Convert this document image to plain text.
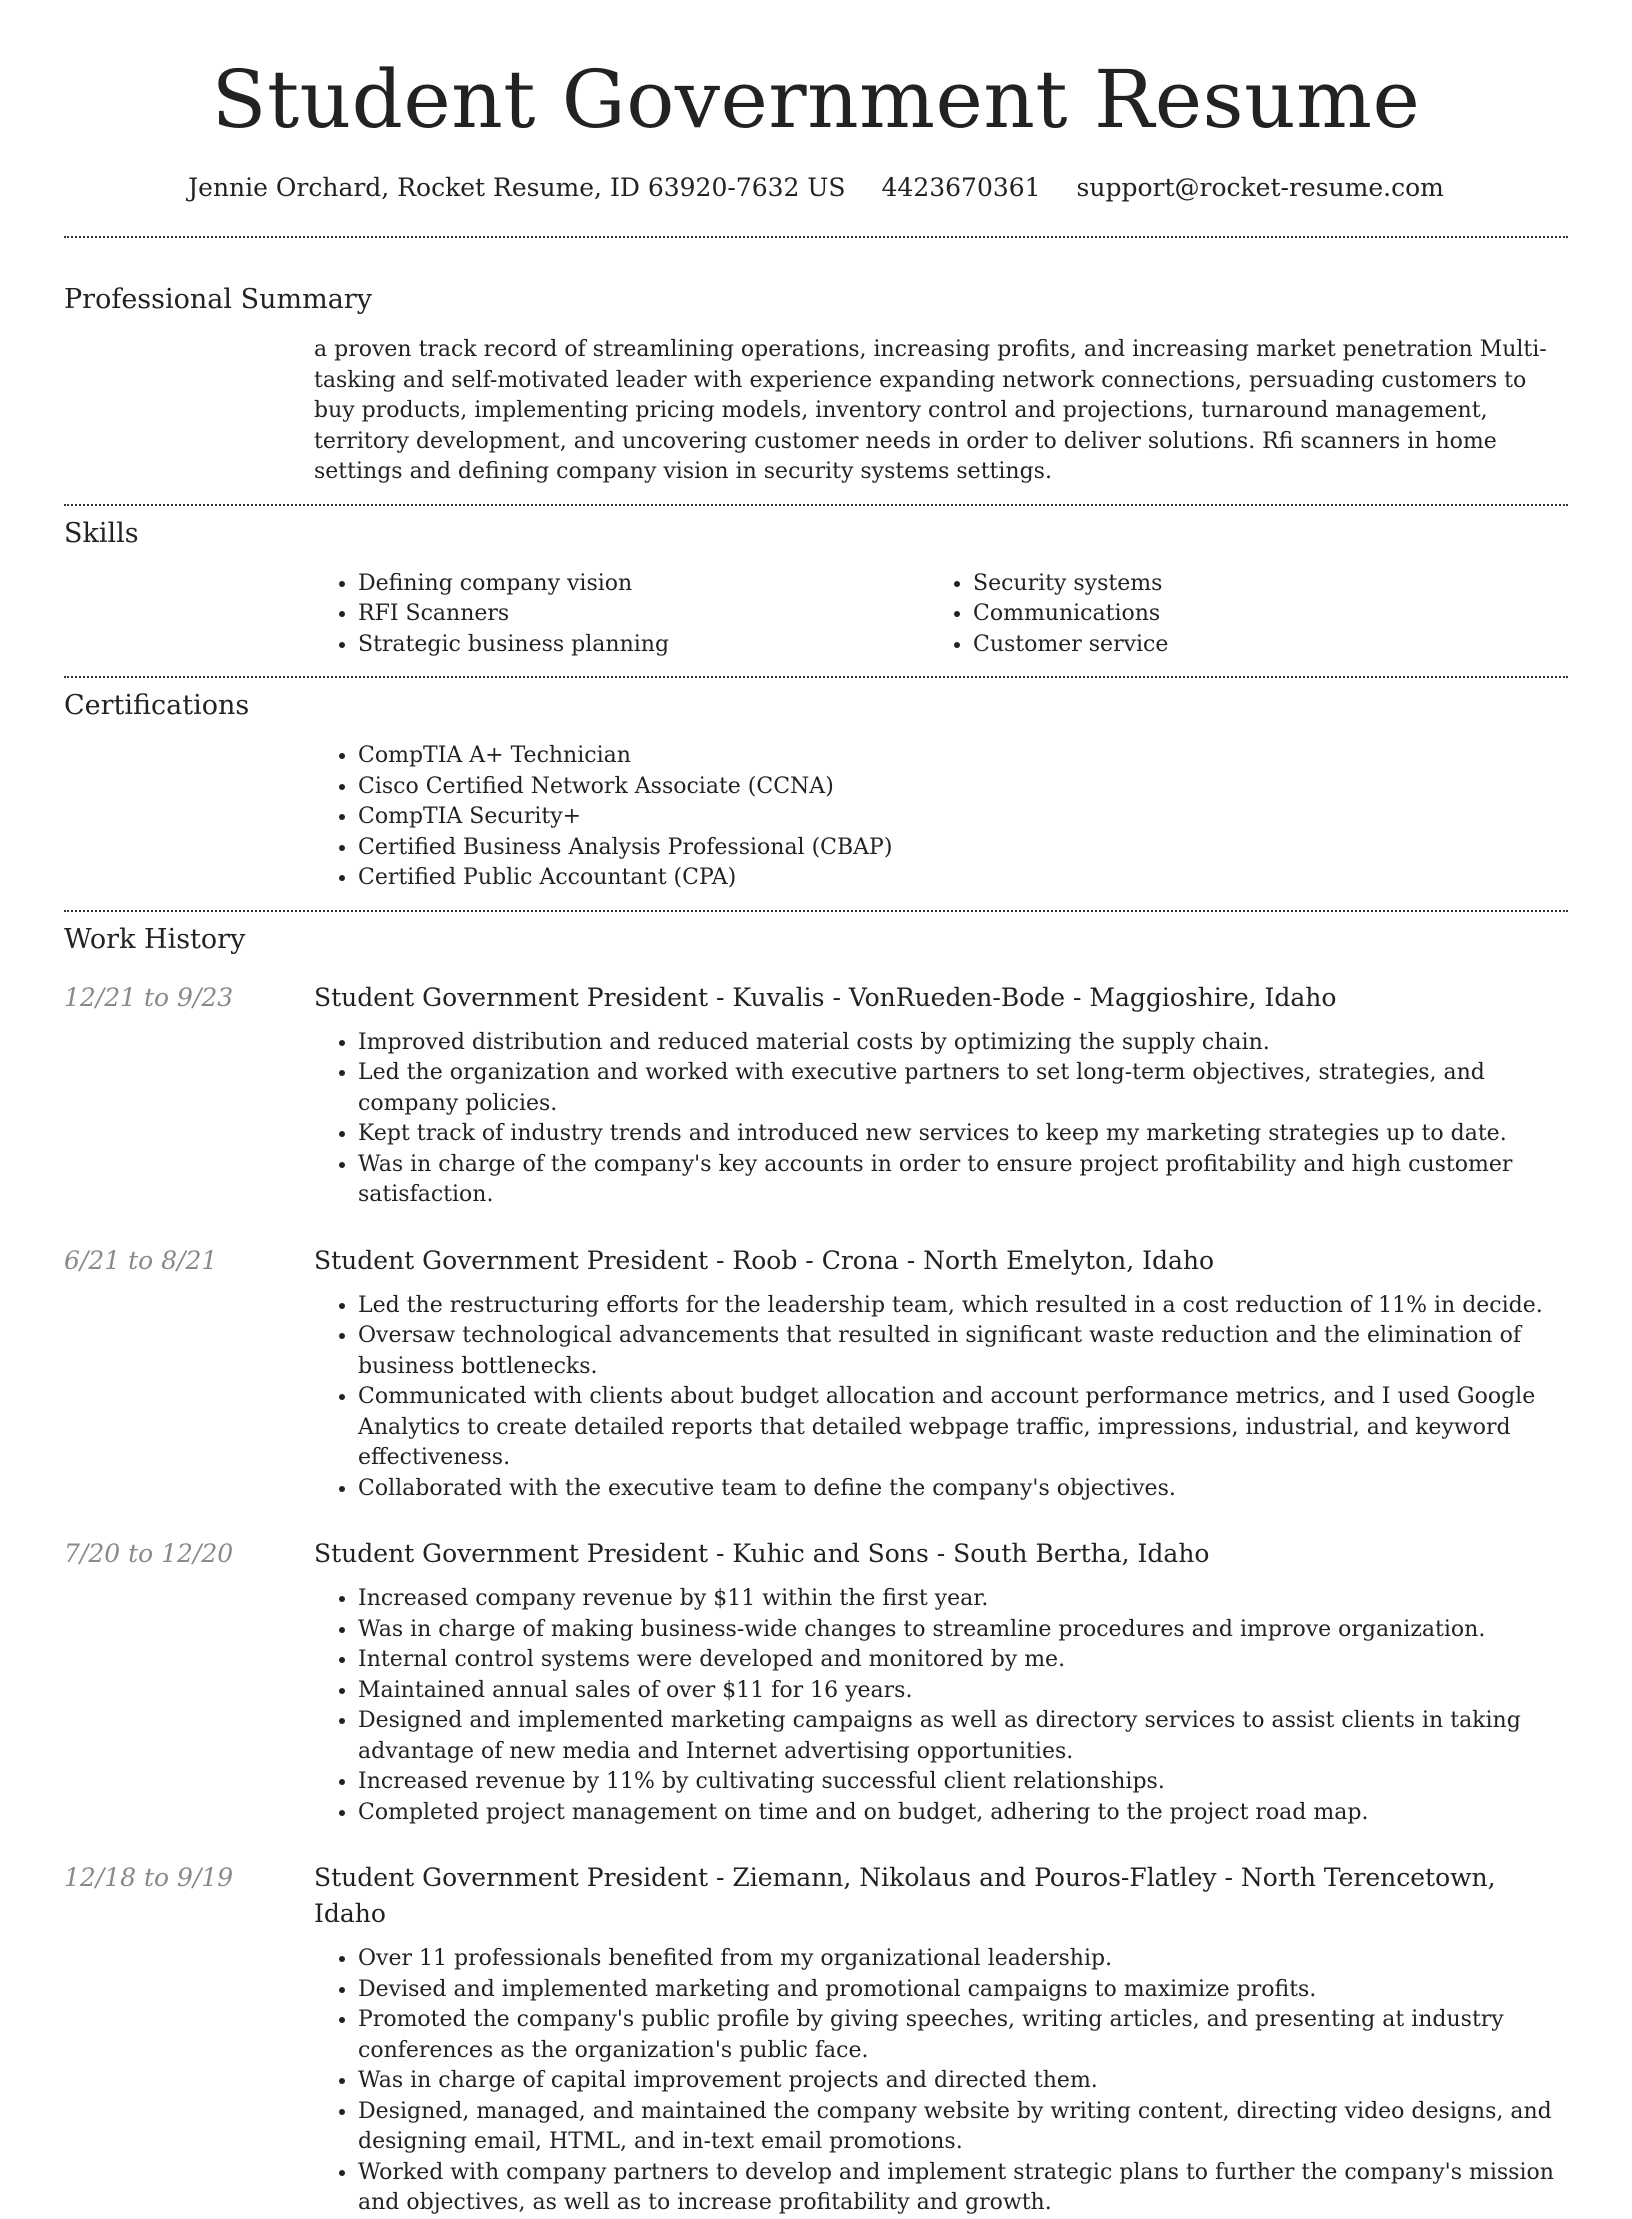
Student Government Resume
Jennie Orchard, Rocket Resume, ID 63920-7632 US 4423670361 support@rocket-resume.com
Professional Summary

a proven track record of streamlining operations, increasing profits, and increasing market penetration Multi-tasking and self-motivated leader with experience expanding network connections, persuading customers to buy products, implementing pricing models, inventory control and projections, turnaround management, territory development, and uncovering customer needs in order to deliver solutions. Rfi scanners in home settings and defining company vision in security systems settings.

Skills
• Defining company vision
• RFI Scanners
• Strategic business planning
• Security systems
• Communications
• Customer service
Certifications
• CompTIA A+ Technician
• Cisco Certified Network Associate (CCNA)
• CompTIA Security+
• Certified Business Analysis Professional (CBAP)
• Certified Public Accountant (CPA)
Work History
12/21 to 9/23	Student Government President - Kuvalis - VonRueden-Bode - Maggioshire, Idaho
• Improved distribution and reduced material costs by optimizing the supply chain.
• Led the organization and worked with executive partners to set long-term objectives, strategies, and company policies.
• Kept track of industry trends and introduced new services to keep my marketing strategies up to date.
• Was in charge of the company's key accounts in order to ensure project profitability and high customer satisfaction.
6/21 to 8/21	Student Government President - Roob - Crona - North Emelyton, Idaho
• Led the restructuring efforts for the leadership team, which resulted in a cost reduction of 11% in decide.
• Oversaw technological advancements that resulted in significant waste reduction and the elimination of business bottlenecks.
• Communicated with clients about budget allocation and account performance metrics, and I used Google Analytics to create detailed reports that detailed webpage traffic, impressions, industrial, and keyword effectiveness.
• Collaborated with the executive team to define the company's objectives.
7/20 to 12/20	Student Government President - Kuhic and Sons - South Bertha, Idaho
• Increased company revenue by $11 within the first year.
• Was in charge of making business-wide changes to streamline procedures and improve organization.
• Internal control systems were developed and monitored by me.
• Maintained annual sales of over $11 for 16 years.
• Designed and implemented marketing campaigns as well as directory services to assist clients in taking advantage of new media and Internet advertising opportunities.
• Increased revenue by 11% by cultivating successful client relationships.
• Completed project management on time and on budget, adhering to the project road map.
12/18 to 9/19	Student Government President - Ziemann, Nikolaus and Pouros-Flatley - North Terencetown, Idaho
• Over 11 professionals benefited from my organizational leadership.
• Devised and implemented marketing and promotional campaigns to maximize profits.
• Promoted the company's public profile by giving speeches, writing articles, and presenting at industry conferences as the organization's public face.
• Was in charge of capital improvement projects and directed them.
• Designed, managed, and maintained the company website by writing content, directing video designs, and designing email, HTML, and in-text email promotions.
• Worked with company partners to develop and implement strategic plans to further the company's mission and objectives, as well as to increase profitability and growth.
